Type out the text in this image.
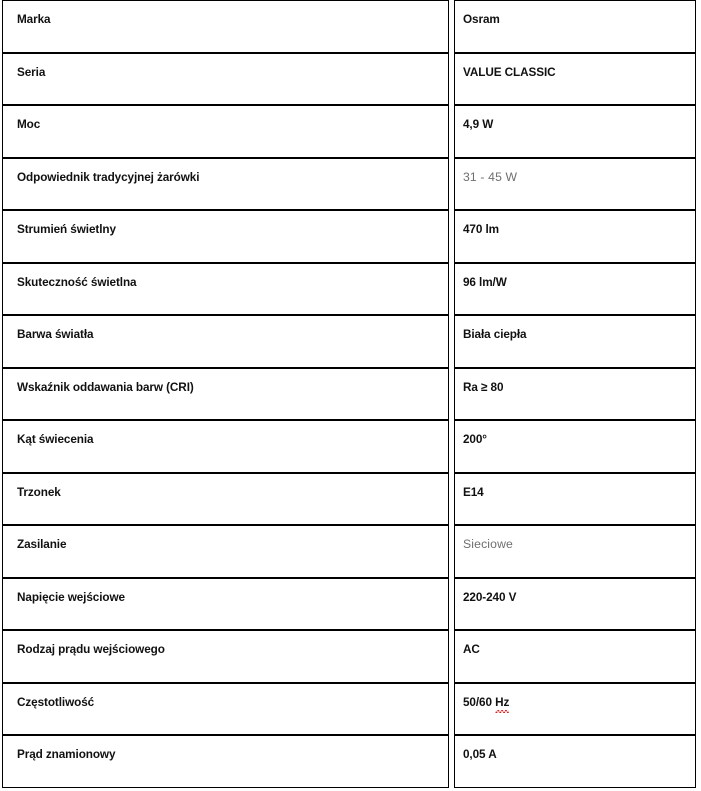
Marka	Osram
Seria	VALUE CLASSIC
Moc	4,9 W
Odpowiednik tradycyjnej żarówki	31 - 45 W
Strumień świetlny	470 lm
Skuteczność świetlna	96 lm/W
Barwa światła	Biała ciepła
Wskaźnik oddawania barw (CRI)	Ra ≥ 80
Kąt świecenia	200°
Trzonek	E14
Zasilanie	Sieciowe
Napięcie wejściowe	220-240 V
Rodzaj prądu wejściowego	AC
Częstotliwość	50/60 Hz
Prąd znamionowy	0,05 A
